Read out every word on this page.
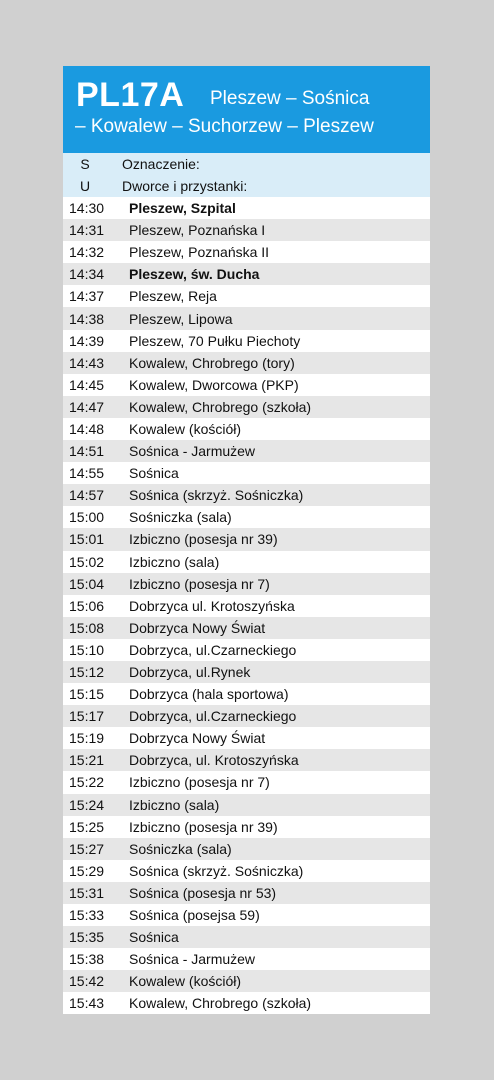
PL17A Pleszew – Sośnica
– Kowalew – Suchorzew – Pleszew
S	Oznaczenie:
U	Dworce i przystanki:
14:30	Pleszew, Szpital
14:31	Pleszew, Poznańska I
14:32	Pleszew, Poznańska II
14:34	Pleszew, św. Ducha
14:37	Pleszew, Reja
14:38	Pleszew, Lipowa
14:39	Pleszew, 70 Pułku Piechoty
14:43	Kowalew, Chrobrego (tory)
14:45	Kowalew, Dworcowa (PKP)
14:47	Kowalew, Chrobrego (szkoła)
14:48	Kowalew (kościół)
14:51	Sośnica - Jarmużew
14:55	Sośnica
14:57	Sośnica (skrzyż. Sośniczka)
15:00	Sośniczka (sala)
15:01	Izbiczno (posesja nr 39)
15:02	Izbiczno (sala)
15:04	Izbiczno (posesja nr 7)
15:06	Dobrzyca ul. Krotoszyńska
15:08	Dobrzyca Nowy Świat
15:10	Dobrzyca, ul.Czarneckiego
15:12	Dobrzyca, ul.Rynek
15:15	Dobrzyca (hala sportowa)
15:17	Dobrzyca, ul.Czarneckiego
15:19	Dobrzyca Nowy Świat
15:21	Dobrzyca, ul. Krotoszyńska
15:22	Izbiczno (posesja nr 7)
15:24	Izbiczno (sala)
15:25	Izbiczno (posesja nr 39)
15:27	Sośniczka (sala)
15:29	Sośnica (skrzyż. Sośniczka)
15:31	Sośnica (posesja nr 53)
15:33	Sośnica (posejsa 59)
15:35	Sośnica
15:38	Sośnica - Jarmużew
15:42	Kowalew (kościół)
15:43	Kowalew, Chrobrego (szkoła)
